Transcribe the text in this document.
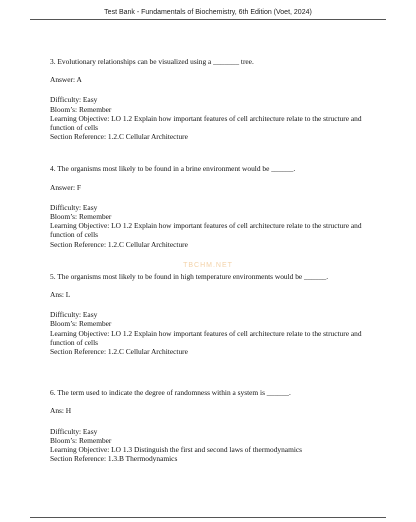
Test Bank - Fundamentals of Biochemistry, 6th Edition (Voet, 2024)
TBCHM.NET
3. Evolutionary relationships can be visualized using a _______ tree.
Answer: A
Difficulty: Easy
Bloom’s: Remember
Learning Objective: LO 1.2 Explain how important features of cell architecture relate to the structure and function of cells
Section Reference: 1.2.C Cellular Architecture
4. The organisms most likely to be found in a brine environment would be ______.
Answer: F
Difficulty: Easy
Bloom’s: Remember
Learning Objective: LO 1.2 Explain how important features of cell architecture relate to the structure and function of cells
Section Reference: 1.2.C Cellular Architecture
5. The organisms most likely to be found in high temperature environments would be ______.
Ans: L
Difficulty: Easy
Bloom’s: Remember
Learning Objective: LO 1.2 Explain how important features of cell architecture relate to the structure and function of cells
Section Reference: 1.2.C Cellular Architecture
6. The term used to indicate the degree of randomness within a system is ______.
Ans: H
Difficulty: Easy
Bloom’s: Remember
Learning Objective: LO 1.3 Distinguish the first and second laws of thermodynamics
Section Reference: 1.3.B Thermodynamics
